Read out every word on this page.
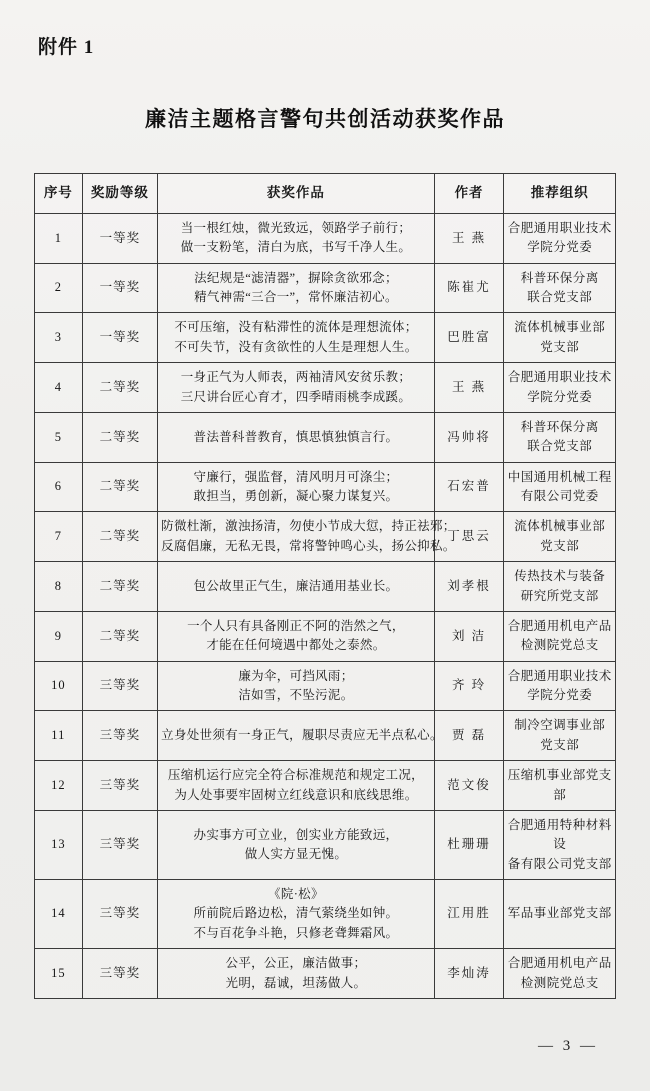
附件 1
廉洁主题格言警句共创活动获奖作品
序号	奖励等级	获奖作品	作者	推荐组织
1	一等奖	当一根红烛，微光致远，领路学子前行；
做一支粉笔，清白为底，书写千净人生。	王 燕	合肥通用职业技术
学院分党委

2	一等奖	法纪规是“滤清器”，摒除贪欲邪念；
精气神需“三合一”，常怀廉洁初心。	陈崔尤	科普环保分离
联合党支部

3	一等奖	不可压缩，没有粘滞性的流体是理想流体；
不可失节，没有贪欲性的人生是理想人生。	巴胜富	流体机械事业部
党支部

4	二等奖	一身正气为人师表，两袖清风安贫乐教；
三尺讲台匠心育才，四季晴雨桃李成蹊。	王 燕	合肥通用职业技术
学院分党委

5	二等奖	普法普科普教育，慎思慎独慎言行。	冯帅将	科普环保分离
联合党支部

6	二等奖	守廉行，强监督，清风明月可涤尘；
敢担当，勇创新，凝心聚力谋复兴。	石宏普	中国通用机械工程
有限公司党委

7	二等奖	防微杜渐，激浊扬清，勿使小节成大愆，持正祛邪；
反腐倡廉，无私无畏，常将警钟鸣心头，扬公抑私。	丁思云	流体机械事业部
党支部

8	二等奖	包公故里正气生，廉洁通用基业长。	刘孝根	传热技术与装备
研究所党支部

9	二等奖	一个人只有具备刚正不阿的浩然之气，
才能在任何境遇中都处之泰然。	刘 洁	合肥通用机电产品
检测院党总支

10	三等奖	廉为伞，可挡风雨；
洁如雪，不坠污泥。	齐 玲	合肥通用职业技术
学院分党委

11	三等奖	立身处世须有一身正气，履职尽责应无半点私心。	贾 磊	制冷空调事业部
党支部

12	三等奖	压缩机运行应完全符合标准规范和规定工况，
为人处事要牢固树立红线意识和底线思维。	范文俊	压缩机事业部党支部

13	三等奖	办实事方可立业，创实业方能致远，
做人实方显无愧。	杜珊珊	合肥通用特种材料设
备有限公司党支部

14	三等奖	《院·松》
所前院后路边松，清气萦绕坐如钟。
不与百花争斗艳，只修老聋舞霜风。	江用胜	军品事业部党支部

15	三等奖	公平，公正，廉洁做事；
光明，磊诚，坦荡做人。	李灿涛	合肥通用机电产品
检测院党总支
— 3 —
